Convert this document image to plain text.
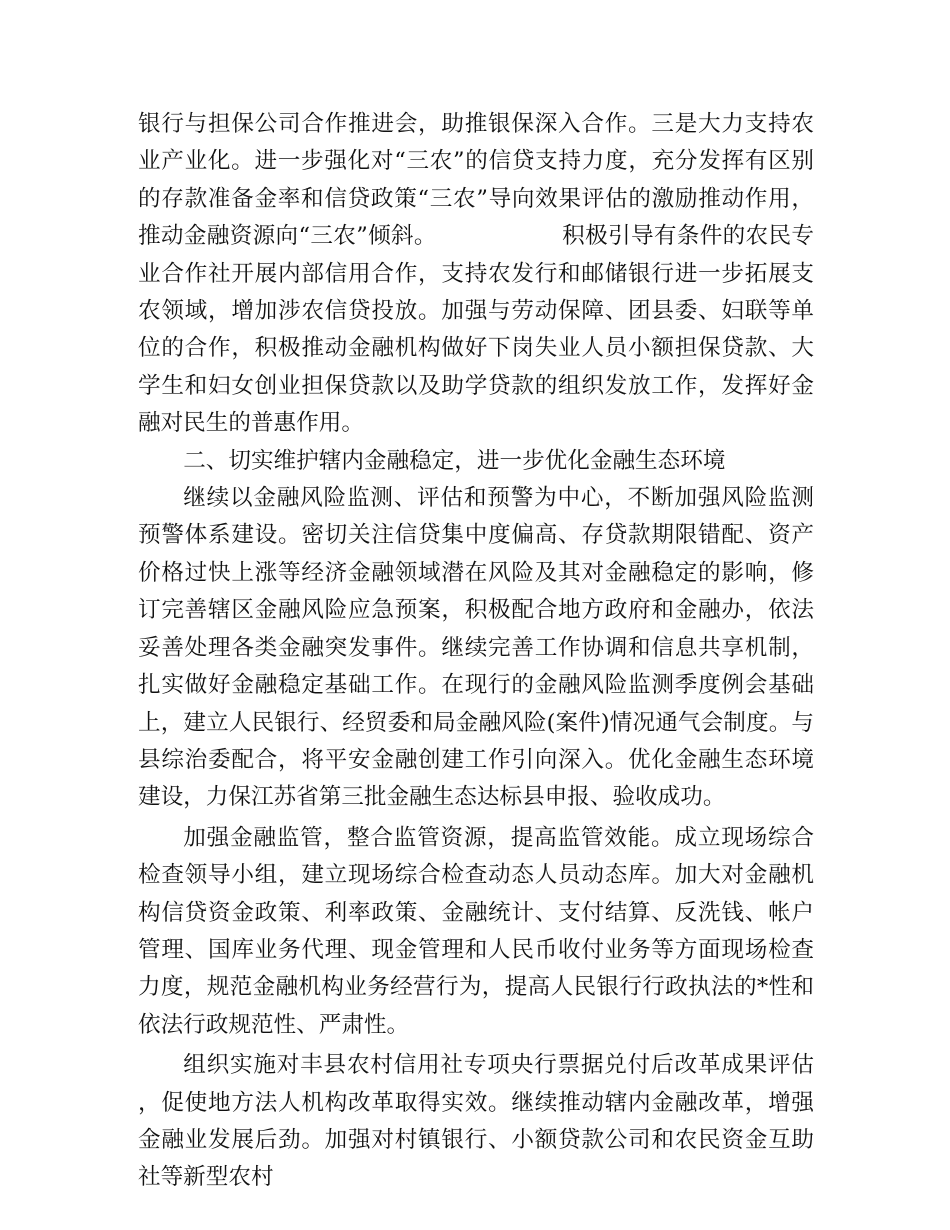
银行与担保公司合作推进会，助推银保深入合作。三是大力支持农业产业化。进一步强化对“三农”的信贷支持力度，充分发挥有区别的存款准备金率和信贷政策“三农”导向效果评估的激励推动作用，推动金融资源向“三农”倾斜。	积极引导有条件的农民专业合作社开展内部信用合作，支持农发行和邮储银行进一步拓展支农领域，增加涉农信贷投放。加强与劳动保障、团县委、妇联等单位的合作，积极推动金融机构做好下岗失业人员小额担保贷款、大学生和妇女创业担保贷款以及助学贷款的组织发放工作，发挥好金融对民生的普惠作用。

二、切实维护辖内金融稳定，进一步优化金融生态环境

继续以金融风险监测、评估和预警为中心，不断加强风险监测预警体系建设。密切关注信贷集中度偏高、存贷款期限错配、资产价格过快上涨等经济金融领域潜在风险及其对金融稳定的影响，修订完善辖区金融风险应急预案，积极配合地方政府和金融办，依法妥善处理各类金融突发事件。继续完善工作协调和信息共享机制，扎实做好金融稳定基础工作。在现行的金融风险监测季度例会基础上，建立人民银行、经贸委和局金融风险(案件)情况通气会制度。与县综治委配合，将平安金融创建工作引向深入。优化金融生态环境建设，力保江苏省第三批金融生态达标县申报、验收成功。

加强金融监管，整合监管资源，提高监管效能。成立现场综合检查领导小组，建立现场综合检查动态人员动态库。加大对金融机构信贷资金政策、利率政策、金融统计、支付结算、反洗钱、帐户管理、国库业务代理、现金管理和人民币收付业务等方面现场检查力度，规范金融机构业务经营行为，提高人民银行行政执法的*性和依法行政规范性、严肃性。

组织实施对丰县农村信用社专项央行票据兑付后改革成果评估，促使地方法人机构改革取得实效。继续推动辖内金融改革，增强金融业发展后劲。加强对村镇银行、小额贷款公司和农民资金互助社等新型农村
